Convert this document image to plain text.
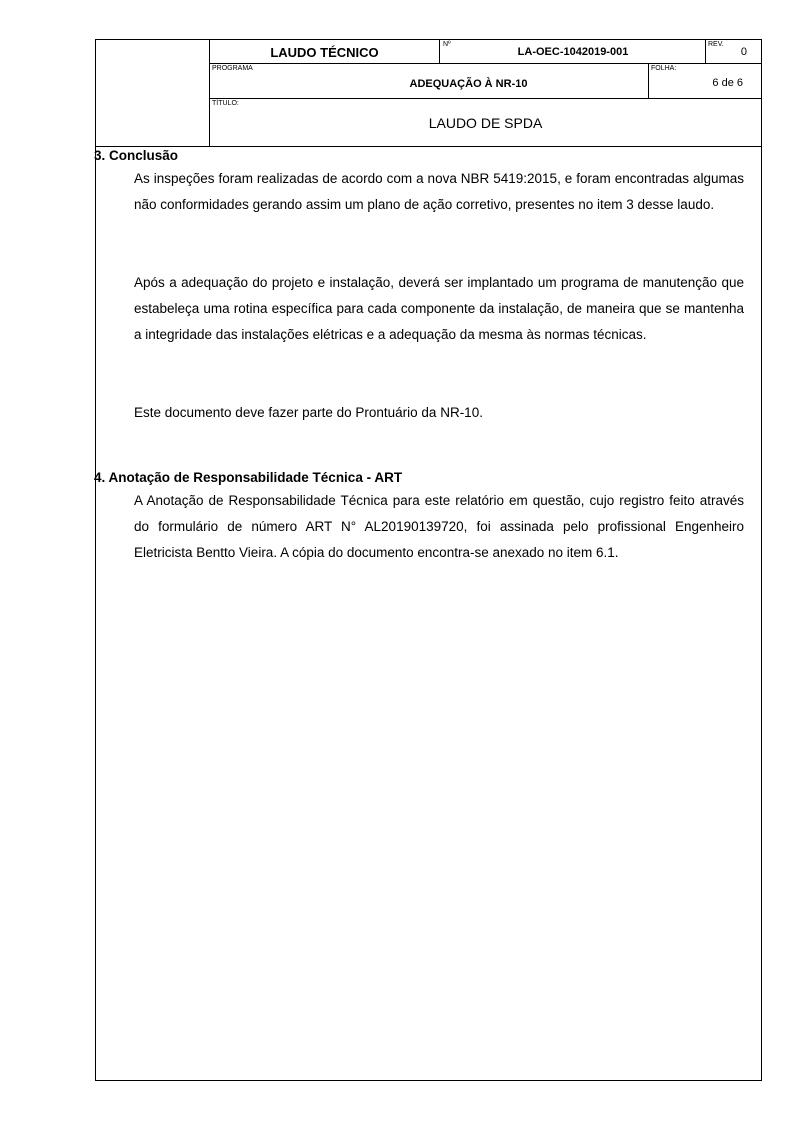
LAUDO TÉCNICO
Nº
LA-OEC-1042019-001
REV.
0
PROGRAMA
ADEQUAÇÃO À NR-10
FOLHA:
6 de 6
TÍTULO:
LAUDO DE SPDA
3. Conclusão
As inspeções foram realizadas de acordo com a nova NBR 5419:2015, e foram encontradas algumas não conformidades gerando assim um plano de ação corretivo, presentes no item 3 desse laudo.
Após a adequação do projeto e instalação, deverá ser implantado um programa de manutenção que estabeleça uma rotina específica para cada componente da instalação, de maneira que se mantenha a integridade das instalações elétricas e a adequação da mesma às normas técnicas.
Este documento deve fazer parte do Prontuário da NR-10.
4. Anotação de Responsabilidade Técnica - ART
A Anotação de Responsabilidade Técnica para este relatório em questão, cujo registro feito através do formulário de número ART N° AL20190139720, foi assinada pelo profissional Engenheiro Eletricista Bentto Vieira. A cópia do documento encontra-se anexado no item 6.1.
